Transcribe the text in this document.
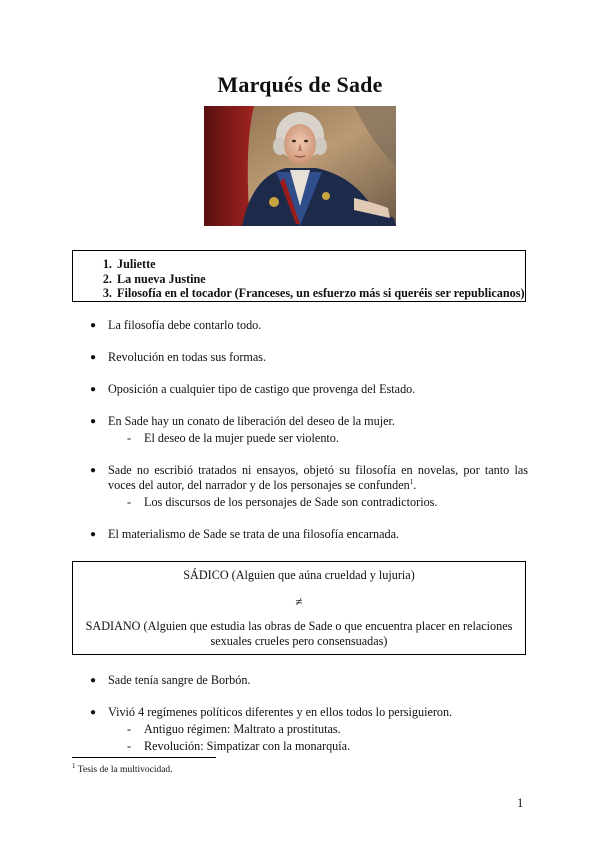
Marqués de Sade
1. Juliette
2. La nueva Justine
3. Filosofía en el tocador (Franceses, un esfuerzo más si queréis ser republicanos)
● La filosofía debe contarlo todo.
● Revolución en todas sus formas.
● Oposición a cualquier tipo de castigo que provenga del Estado.
● En Sade hay un conato de liberación del deseo de la mujer.
- El deseo de la mujer puede ser violento.
● Sade no escribió tratados ni ensayos, objetó su filosofía en novelas, por tanto las voces del autor, del narrador y de los personajes se confunden$^1$.
- Los discursos de los personajes de Sade son contradictorios.
● El materialismo de Sade se trata de una filosofía encarnada.
SÁDICO (Alguien que aúna crueldad y lujuria)
≠
SADIANO (Alguien que estudia las obras de Sade o que encuentra placer en relaciones sexuales crueles pero consensuadas)
● Sade tenía sangre de Borbón.
● Vivió 4 regímenes políticos diferentes y en ellos todos lo persiguieron.
- Antiguo régimen: Maltrato a prostitutas.
- Revolución: Simpatizar con la monarquía.
$^1$ Tesis de la multivocidad.
1
